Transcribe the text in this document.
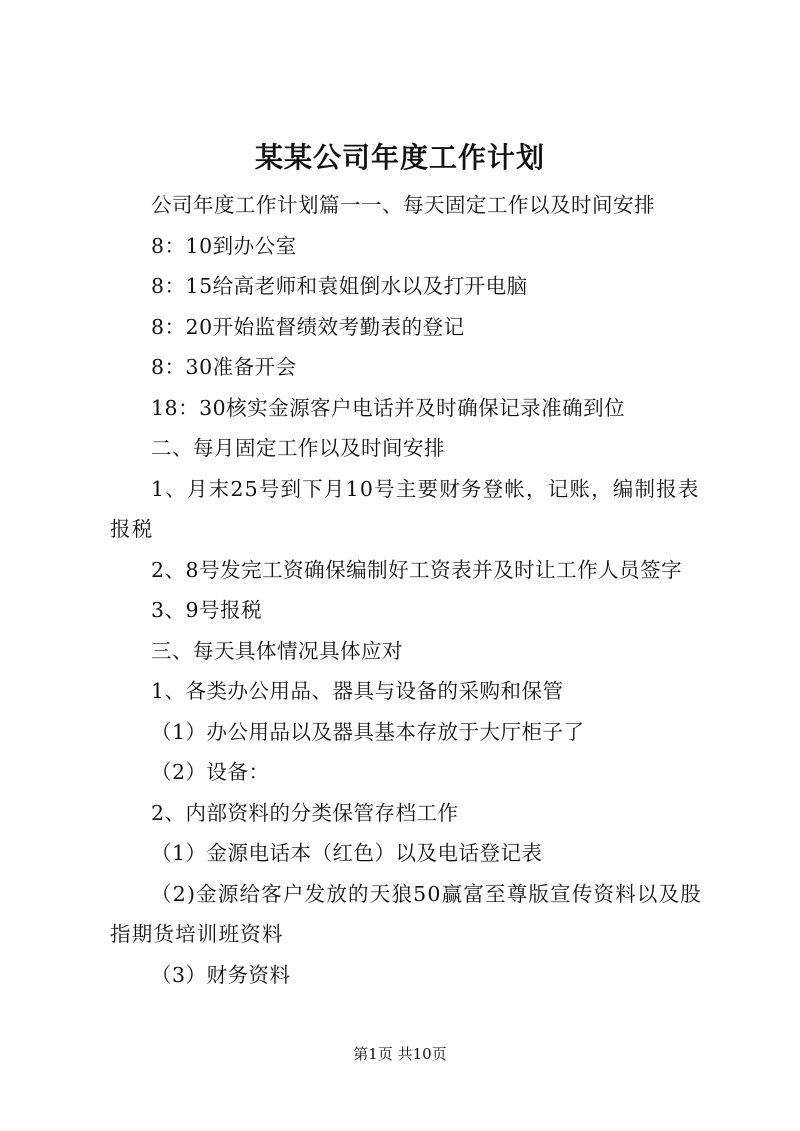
某某公司年度工作计划

公司年度工作计划篇一一、每天固定工作以及时间安排

8：10到办公室

8：15给高老师和袁姐倒水以及打开电脑

8：20开始监督绩效考勤表的登记

8：30准备开会

18：30核实金源客户电话并及时确保记录准确到位

二、每月固定工作以及时间安排

1、月末25号到下月10号主要财务登帐，记账，编制报表报税

2、8号发完工资确保编制好工资表并及时让工作人员签字

3、9号报税

三、每天具体情况具体应对

1、各类办公用品、器具与设备的采购和保管

（1）办公用品以及器具基本存放于大厅柜子了

（2）设备：

2、内部资料的分类保管存档工作

（1）金源电话本（红色）以及电话登记表

（2)金源给客户发放的天狼50赢富至尊版宣传资料以及股指期货培训班资料

（3）财务资料

第1页 共10页
